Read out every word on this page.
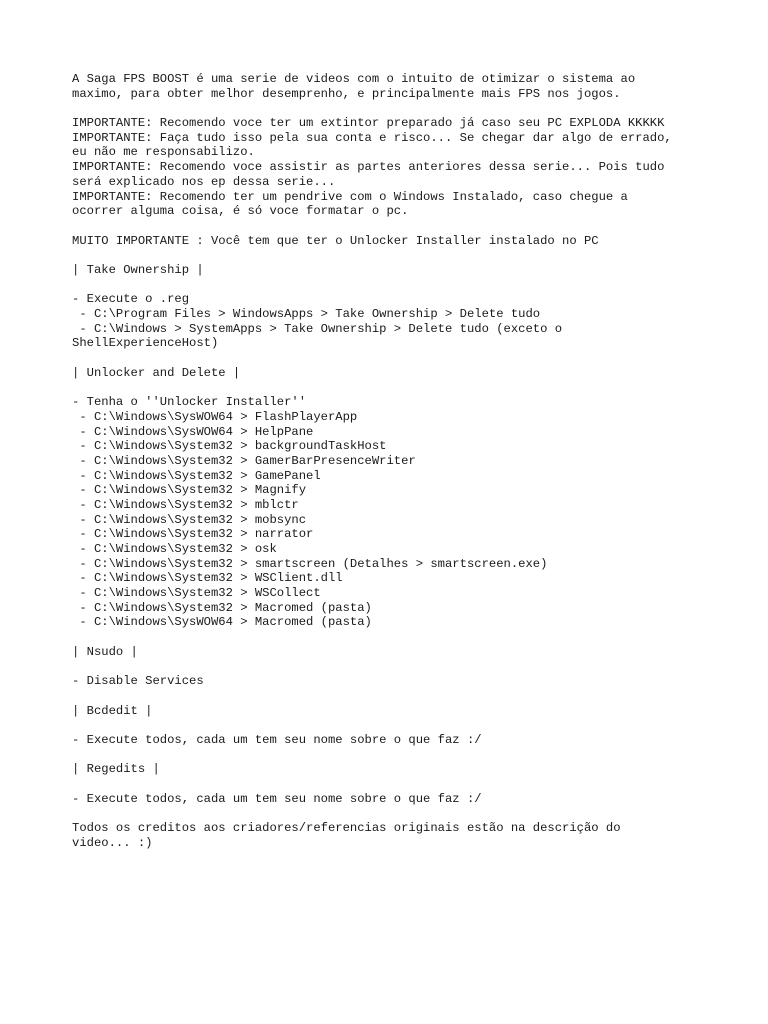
A Saga FPS BOOST é uma serie de videos com o intuito de otimizar o sistema ao
maximo, para obter melhor desemprenho, e principalmente mais FPS nos jogos.
IMPORTANTE: Recomendo voce ter um extintor preparado já caso seu PC EXPLODA KKKKK
IMPORTANTE: Faça tudo isso pela sua conta e risco... Se chegar dar algo de errado,
eu não me responsabilizo.
IMPORTANTE: Recomendo voce assistir as partes anteriores dessa serie... Pois tudo
será explicado nos ep dessa serie...
IMPORTANTE: Recomendo ter um pendrive com o Windows Instalado, caso chegue a
ocorrer alguma coisa, é só voce formatar o pc.
MUITO IMPORTANTE : Você tem que ter o Unlocker Installer instalado no PC
| Take Ownership |
- Execute o .reg
- C:\Program Files > WindowsApps > Take Ownership > Delete tudo
- C:\Windows > SystemApps > Take Ownership > Delete tudo (exceto o
ShellExperienceHost)
| Unlocker and Delete |
- Tenha o ''Unlocker Installer''
- C:\Windows\SysWOW64 > FlashPlayerApp
- C:\Windows\SysWOW64 > HelpPane
- C:\Windows\System32 > backgroundTaskHost
- C:\Windows\System32 > GamerBarPresenceWriter
- C:\Windows\System32 > GamePanel
- C:\Windows\System32 > Magnify
- C:\Windows\System32 > mblctr
- C:\Windows\System32 > mobsync
- C:\Windows\System32 > narrator
- C:\Windows\System32 > osk
- C:\Windows\System32 > smartscreen (Detalhes > smartscreen.exe)
- C:\Windows\System32 > WSClient.dll
- C:\Windows\System32 > WSCollect
- C:\Windows\System32 > Macromed (pasta)
- C:\Windows\SysWOW64 > Macromed (pasta)
| Nsudo |
- Disable Services
| Bcdedit |
- Execute todos, cada um tem seu nome sobre o que faz :/
| Regedits |
- Execute todos, cada um tem seu nome sobre o que faz :/
Todos os creditos aos criadores/referencias originais estão na descrição do
video... :)
